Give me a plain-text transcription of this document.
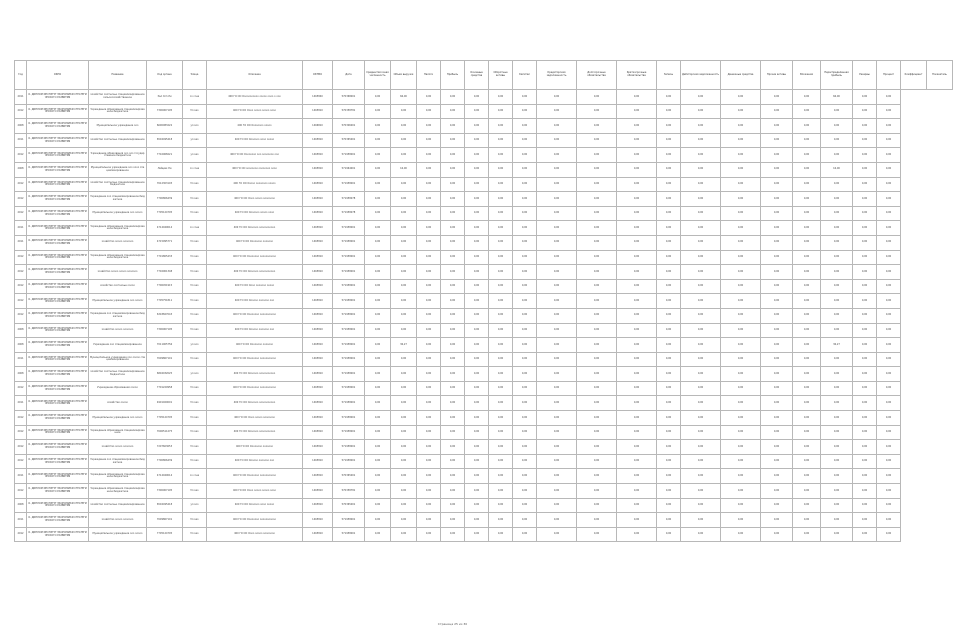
Год	ОКПО	Название	Код органа	Улица	Описание	ОКТМО	Дата	Среднесписочная численность	Объем выручки	Налоги	Прибыль	Основные средства	Оборотные активы	Капитал	Кредиторская задолженность	Долгосрочные обязательства	Краткосрочные обязательства	Запасы	Дебиторская задолженность	Денежные средства	Прочие активы	Вложения	Нераспределенная прибыль	Резервы	Процент	Коэффициент	Показатель
2011	О. ДИПЛОМ ИНСТИТУТ ЭКОНОМИКИ СТРАТЕГИЧЕСКОГО РАЗВИТИЯ	хозяйство охотничье специализированное сельскохозяйственное	Зал ппп Ли	со ссна	400 ГО ОО Ооооооооооо ооооо оооо о ооо	1465840	570368001	0,00	66,00	0,00	0,00	0,00	0,00	0,00	0,00	0,00	0,00	0,00	0,00	0,00	0,00	0,00	66,00	0,00	0,00		
2012	О. ДИПЛОМ ИНСТИТУТ ЭКОНОМИКИ СТРАТЕГИЧЕСКОГО РАЗВИТИЯ	Учреждение образования специализированное бюджетное	7300907195	Ул оао	400 ГО ОО Оооо ооооо ооооо оооо	1465810	570358781	0,00	0,00	0,00	0,00	0,00	0,00	0,00	0,00	0,00	0,00	0,00	0,00	0,00	0,00	0,00	0,00	0,00	0,00		
2008	О. ДИПЛОМ ИНСТИТУТ ЭКОНОМИКИ СТРАТЕГИЧЕСКОГО РАЗВИТИЯ	Муниципальное учреждение ооо	6600083222	ул ооо	400 ГО ОО Оооооооо ооооо	1466810	570306001	0,00	0,00	0,00	0,00	0,00	0,00	0,00	0,00	0,00	0,00	0,00	0,00	0,00	0,00	0,00	0,00	0,00	0,00		
2011	О. ДИПЛОМ ИНСТИТУТ ЭКОНОМИКИ СТРАТЕГИЧЕСКОГО РАЗВИТИЯ	хозяйство охотничье специализированное	6504495418	ул оао	400 ГО ОО Ооооооо оооо ооооо	1465810	570365001	0,00	0,00	0,00	0,00	0,00	0,00	0,00	0,00	0,00	0,00	0,00	0,00	0,00	0,00	0,00	0,00	0,00	0,00		
2012	О. ДИПЛОМ ИНСТИТУТ ЭКОНОМИКИ СТРАТЕГИЧЕСКОГО РАЗВИТИЯ	Учреждение образования ооо ооо государственное бюджетное	7716968221	ул оао	400 ГО ОО Оооооооо ооо оооооооо ооо	1465810	571958001	0,00	0,00	0,00	0,00	0,00	0,00	0,00	0,00	0,00	0,00	0,00	0,00	0,00	0,00	0,00	0,00	0,00	0,00		
2008	О. ДИПЛОМ ИНСТИТУТ ЭКОНОМИКИ СТРАТЕГИЧЕСКОГО РАЗВИТИЯ	Муниципальное учреждение ооо оооо специализированное	Лайцам Ли	со ссна	400 ГО ОО оооооооо оооооооо оооо	1465810	571964001	0,00	16,00	0,00	0,00	0,00	0,00	0,00	0,00	0,00	0,00	0,00	0,00	0,00	0,00	0,00	16,00	0,00	0,00		
2012	О. ДИПЛОМ ИНСТИТУТ ЭКОНОМИКИ СТРАТЕГИЧЕСКОГО РАЗВИТИЯ	хозяйство охотничье специализированное бюджетное	7612303193	Ул оао	400 ГО ОО Ооооо оооооооо ооооо	1465810	571958001	0,00	0,00	0,00	0,00	0,00	0,00	0,00	0,00	0,00	0,00	0,00	0,00	0,00	0,00	0,00	0,00	0,00	0,00		
2012	О. ДИПЛОМ ИНСТИТУТ ЭКОНОМИКИ СТРАТЕГИЧЕСКОГО РАЗВИТИЯ	Учреждение ооо специализированное бюджетное	7700806439	Ул оао	400 ГО ОО Оооо ооооо оооооооо	1465810	571958078	0,00	0,00	0,00	0,00	0,00	0,00	0,00	0,00	0,00	0,00	0,00	0,00	0,00	0,00	0,00	0,00	0,00	0,00		
2012	О. ДИПЛОМ ИНСТИТУТ ЭКОНОМИКИ СТРАТЕГИЧЕСКОГО РАЗВИТИЯ	Муниципальное учреждение ооо ооооо	7705124705	Ул оао	400 ГО ОО Ооооооо ооооо оооо	1465810	571958078	0,00	0,00	0,00	0,00	0,00	0,00	0,00	0,00	0,00	0,00	0,00	0,00	0,00	0,00	0,00	0,00	0,00	0,00		
2011	О. ДИПЛОМ ИНСТИТУТ ЭКОНОМИКИ СТРАТЕГИЧЕСКОГО РАЗВИТИЯ	Учреждение образования специализированное бюджетное	4714049014	со ссна	400 ГО ОО Ооооооо ооооооооооо	1465810	571958001	0,00	0,00	0,00	0,00	0,00	0,00	0,00	0,00	0,00	0,00	0,00	0,00	0,00	0,00	0,00	0,00	0,00	0,00		
2011	О. ДИПЛОМ ИНСТИТУТ ЭКОНОМИКИ СТРАТЕГИЧЕСКОГО РАЗВИТИЯ	хозяйство ооооо ооооооо	4715995771	Ул оао	400 ГО ОО Оооооооо ооооооо	1465810	571958001	0,00	0,00	0,00	0,00	0,00	0,00	0,00	0,00	0,00	0,00	0,00	0,00	0,00	0,00	0,00	0,00	0,00	0,00		
2012	О. ДИПЛОМ ИНСТИТУТ ЭКОНОМИКИ СТРАТЕГИЧЕСКОГО РАЗВИТИЯ	Учреждение образования специализированное бюджетное	7701805433	Ул оао	400 ГО ОО Оооооооо ооооооооооо	1465810	571958001	0,00	0,00	0,00	0,00	0,00	0,00	0,00	0,00	0,00	0,00	0,00	0,00	0,00	0,00	0,00	0,00	0,00	0,00		
2012	О. ДИПЛОМ ИНСТИТУТ ЭКОНОМИКИ СТРАТЕГИЧЕСКОГО РАЗВИТИЯ	хозяйство ооооо ооооо ооооооо	7702901348	Ул оао	400 ГО ОО Ооооооо ооооооооооо	1465810	571958001	0,00	0,00	0,00	0,00	0,00	0,00	0,00	0,00	0,00	0,00	0,00	0,00	0,00	0,00	0,00	0,00	0,00	0,00		
2012	О. ДИПЛОМ ИНСТИТУТ ЭКОНОМИКИ СТРАТЕГИЧЕСКОГО РАЗВИТИЯ	хозяйство охотничье ооооо	7706451915	Ул оао	400 ГО ОО Оооо ооооооо ооооо	1465810	571958001	0,00	0,00	0,00	0,00	0,00	0,00	0,00	0,00	0,00	0,00	0,00	0,00	0,00	0,00	0,00	0,00	0,00	0,00		
2012	О. ДИПЛОМ ИНСТИТУТ ЭКОНОМИКИ СТРАТЕГИЧЕСКОГО РАЗВИТИЯ	Муниципальное учреждение ооо ооооо	7705751811	Ул оао	400 ГО ОО Оооооо ооооооо ооо	1465810	571958001	0,00	0,00	0,00	0,00	0,00	0,00	0,00	0,00	0,00	0,00	0,00	0,00	0,00	0,00	0,00	0,00	0,00	0,00		
2012	О. ДИПЛОМ ИНСТИТУТ ЭКОНОМИКИ СТРАТЕГИЧЕСКОГО РАЗВИТИЯ	Учреждение ооо специализированное бюджетное	6318827043	Ул оао	400 ГО ОО Оооооооо ооооооооооо	1465810	571958001	0,00	0,00	0,00	0,00	0,00	0,00	0,00	0,00	0,00	0,00	0,00	0,00	0,00	0,00	0,00	0,00	0,00	0,00		
2008	О. ДИПЛОМ ИНСТИТУТ ЭКОНОМИКИ СТРАТЕГИЧЕСКОГО РАЗВИТИЯ	хозяйство ооооо ооооооо	7300907195	Ул оао	400 ГО ОО Оооооо ооооооо ооо	1465810	571958001	0,00	0,00	0,00	0,00	0,00	0,00	0,00	0,00	0,00	0,00	0,00	0,00	0,00	0,00	0,00	0,00	0,00	0,00		
2008	О. ДИПЛОМ ИНСТИТУТ ЭКОНОМИКИ СТРАТЕГИЧЕСКОГО РАЗВИТИЯ	Учреждение ооо специализированное	7011005756	ул ооо	400 ГО ОО Оооооооо ооооооо	1465810	571958001	0,00	36,27	0,00	0,00	0,00	0,00	0,00	0,00	0,00	0,00	0,00	0,00	0,00	0,00	0,00	36,27	0,00	0,00		
2011	О. ДИПЛОМ ИНСТИТУТ ЭКОНОМИКИ СТРАТЕГИЧЕСКОГО РАЗВИТИЯ	Муниципальное учреждение ооо ооооо специализированное	7609867101	Ул оао	400 ГО ОО Оооооооо ооооооооооо	1465810	571958001	0,00	0,00	0,00	0,00	0,00	0,00	0,00	0,00	0,00	0,00	0,00	0,00	0,00	0,00	0,00	0,00	0,00	0,00		
2008	О. ДИПЛОМ ИНСТИТУТ ЭКОНОМИКИ СТРАТЕГИЧЕСКОГО РАЗВИТИЯ	хозяйство охотничье специализированное бюджетное	6804032025	ул ооо	400 ГО ОО Ооооооо ооооооооооо	1465810	571958001	0,00	0,00	0,00	0,00	0,00	0,00	0,00	0,00	0,00	0,00	0,00	0,00	0,00	0,00	0,00	0,00	0,00	0,00		
2012	О. ДИПЛОМ ИНСТИТУТ ЭКОНОМИКИ СТРАТЕГИЧЕСКОГО РАЗВИТИЯ	Учреждение образования ооооо	7701220958	Ул оао	400 ГО ОО Оооооооо ооооооооооо	1465810	571958001	0,00	0,00	0,00	0,00	0,00	0,00	0,00	0,00	0,00	0,00	0,00	0,00	0,00	0,00	0,00	0,00	0,00	0,00		
2011	О. ДИПЛОМ ИНСТИТУТ ЭКОНОМИКИ СТРАТЕГИЧЕСКОГО РАЗВИТИЯ	хозяйство ооооо	4901920001	Ул оао	400 ГО ОО Ооооооо ооооооооооо	1465810	571958001	0,00	0,00	0,00	0,00	0,00	0,00	0,00	0,00	0,00	0,00	0,00	0,00	0,00	0,00	0,00	0,00	0,00	0,00		
2012	О. ДИПЛОМ ИНСТИТУТ ЭКОНОМИКИ СТРАТЕГИЧЕСКОГО РАЗВИТИЯ	Муниципальное учреждение ооо ооооо	7705124705	Ул оао	400 ГО ОО Оооо ооооо оооооооо	1465810	571958001	0,00	0,00	0,00	0,00	0,00	0,00	0,00	0,00	0,00	0,00	0,00	0,00	0,00	0,00	0,00	0,00	0,00	0,00		
2012	О. ДИПЛОМ ИНСТИТУТ ЭКОНОМИКИ СТРАТЕГИЧЕСКОГО РАЗВИТИЯ	Учреждение образования специализированное	7606511275	Ул оао	400 ГО ОО Ооооооо ооооооооооо	1465810	571958001	0,00	0,00	0,00	0,00	0,00	0,00	0,00	0,00	0,00	0,00	0,00	0,00	0,00	0,00	0,00	0,00	0,00	0,00		
2012	О. ДИПЛОМ ИНСТИТУТ ЭКОНОМИКИ СТРАТЕГИЧЕСКОГО РАЗВИТИЯ	хозяйство ооооо ооооооо	7207603653	Ул оао	400 ГО ОО Оооооооо ооооооо	1465810	571958001	0,00	0,00	0,00	0,00	0,00	0,00	0,00	0,00	0,00	0,00	0,00	0,00	0,00	0,00	0,00	0,00	0,00	0,00		
2012	О. ДИПЛОМ ИНСТИТУТ ЭКОНОМИКИ СТРАТЕГИЧЕСКОГО РАЗВИТИЯ	Учреждение ооо специализированное бюджетное	7700806439	Ул оао	400 ГО ОО Оооооо ооооооо ооо	1465810	571958001	0,00	0,00	0,00	0,00	0,00	0,00	0,00	0,00	0,00	0,00	0,00	0,00	0,00	0,00	0,00	0,00	0,00	0,00		
2011	О. ДИПЛОМ ИНСТИТУТ ЭКОНОМИКИ СТРАТЕГИЧЕСКОГО РАЗВИТИЯ	Учреждение образования специализированное бюджетное	4714049014	со ссна	400 ГО ОО Оооооооо ооооооооооо	1465810	570365001	0,00	0,00	0,00	0,00	0,00	0,00	0,00	0,00	0,00	0,00	0,00	0,00	0,00	0,00	0,00	0,00	0,00	0,00		
2012	О. ДИПЛОМ ИНСТИТУТ ЭКОНОМИКИ СТРАТЕГИЧЕСКОГО РАЗВИТИЯ	Учреждение образования специализированное бюджетное	7300907195	Ул оао	400 ГО ОО Оооо ооооо ооооо оооо	1465810	570358781	0,00	0,00	0,00	0,00	0,00	0,00	0,00	0,00	0,00	0,00	0,00	0,00	0,00	0,00	0,00	0,00	0,00	0,00		
2008	О. ДИПЛОМ ИНСТИТУТ ЭКОНОМИКИ СТРАТЕГИЧЕСКОГО РАЗВИТИЯ	хозяйство охотничье специализированное	6504495418	ул ооо	400 ГО ОО Ооооооо оооо ооооо	1465810	570365001	0,00	0,00	0,00	0,00	0,00	0,00	0,00	0,00	0,00	0,00	0,00	0,00	0,00	0,00	0,00	0,00	0,00	0,00		
2011	О. ДИПЛОМ ИНСТИТУТ ЭКОНОМИКИ СТРАТЕГИЧЕСКОГО РАЗВИТИЯ	хозяйство ооооо ооооооо	7609867101	Ул оао	400 ГО ОО Оооооооо ооооооооооо	1465810	571958001	0,00	0,00	0,00	0,00	0,00	0,00	0,00	0,00	0,00	0,00	0,00	0,00	0,00	0,00	0,00	0,00	0,00	0,00		
2012	О. ДИПЛОМ ИНСТИТУТ ЭКОНОМИКИ СТРАТЕГИЧЕСКОГО РАЗВИТИЯ	Муниципальное учреждение ооо ооооо	7705124705	Ул оао	400 ГО ОО Оооо ооооо оооооооо	1465810	571958001	0,00	0,00	0,00	0,00	0,00	0,00	0,00	0,00	0,00	0,00	0,00	0,00	0,00	0,00	0,00	0,00	0,00	0,00		
Страница 25 из 30
